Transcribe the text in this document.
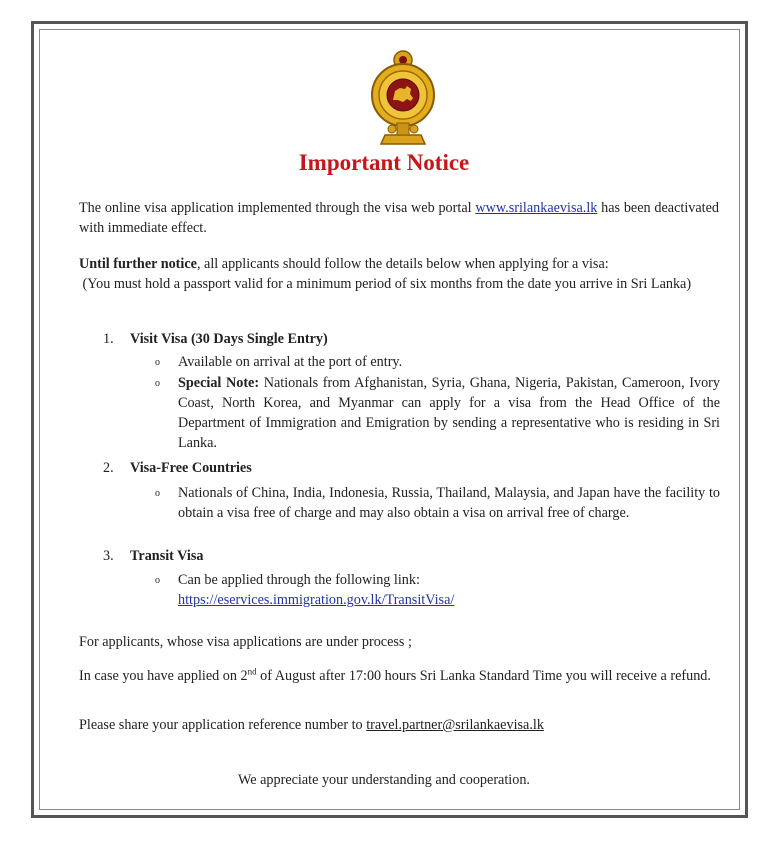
Important Notice

The online visa application implemented through the visa web portal www.srilankaevisa.lk has been deactivated with immediate effect.

Until further notice, all applicants should follow the details below when applying for a visa:
(You must hold a passport valid for a minimum period of six months from the date you arrive in Sri Lanka)

1. Visit Visa (30 Days Single Entry)
o Available on arrival at the port of entry.

o Special Note: Nationals from Afghanistan, Syria, Ghana, Nigeria, Pakistan, Cameroon, Ivory Coast, North Korea, and Myanmar can apply for a visa from the Head Office of the Department of Immigration and Emigration by sending a representative who is residing in Sri Lanka.

2. Visa-Free Countries
o Nationals of China, India, Indonesia, Russia, Thailand, Malaysia, and Japan have the facility to obtain a visa free of charge and may also obtain a visa on arrival free of charge.

3. Transit Visa
o Can be applied through the following link:
https://eservices.immigration.gov.lk/TransitVisa/

For applicants, whose visa applications are under process ;

In case you have applied on 2nd of August after 17:00 hours Sri Lanka Standard Time you will receive a refund.

Please share your application reference number to travel.partner@srilankaevisa.lk

We appreciate your understanding and cooperation.
